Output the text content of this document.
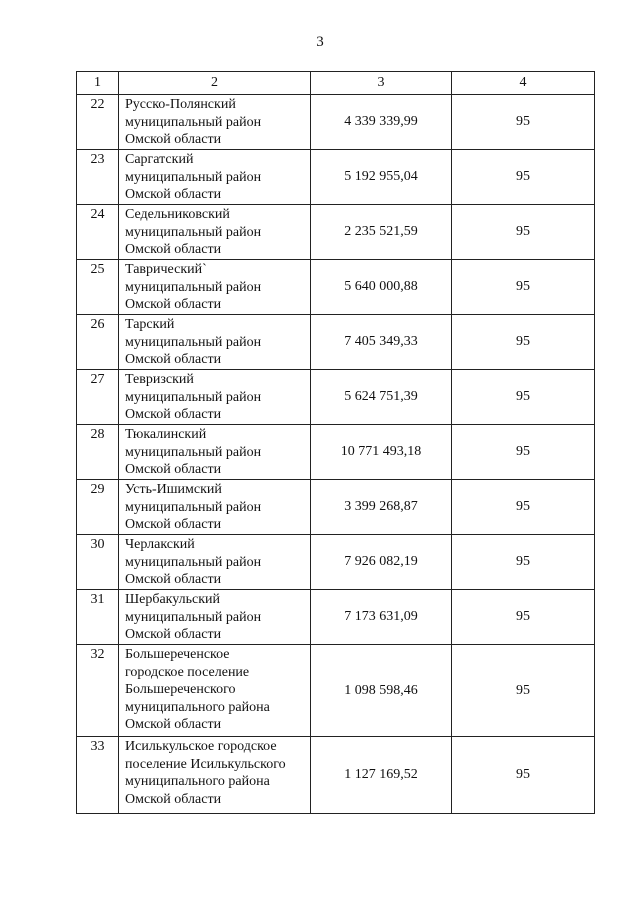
3
1	2	3	4
22	Русско-Полянский
муниципальный район
Омской области	4 339 339,99	95
23	Саргатский
муниципальный район
Омской области	5 192 955,04	95
24	Седельниковский
муниципальный район
Омской области	2 235 521,59	95
25	Таврический`
муниципальный район
Омской области	5 640 000,88	95
26	Тарский
муниципальный район
Омской области	7 405 349,33	95
27	Тевризский
муниципальный район
Омской области	5 624 751,39	95
28	Тюкалинский
муниципальный район
Омской области	10 771 493,18	95
29	Усть-Ишимский
муниципальный район
Омской области	3 399 268,87	95
30	Черлакский
муниципальный район
Омской области	7 926 082,19	95
31	Шербакульский
муниципальный район
Омской области	7 173 631,09	95
32	Большереченское
городское поселение
Большереченского
муниципального района
Омской области	1 098 598,46	95
33	Исилькульское городское
поселение Исилькульского
муниципального района
Омской области	1 127 169,52	95
